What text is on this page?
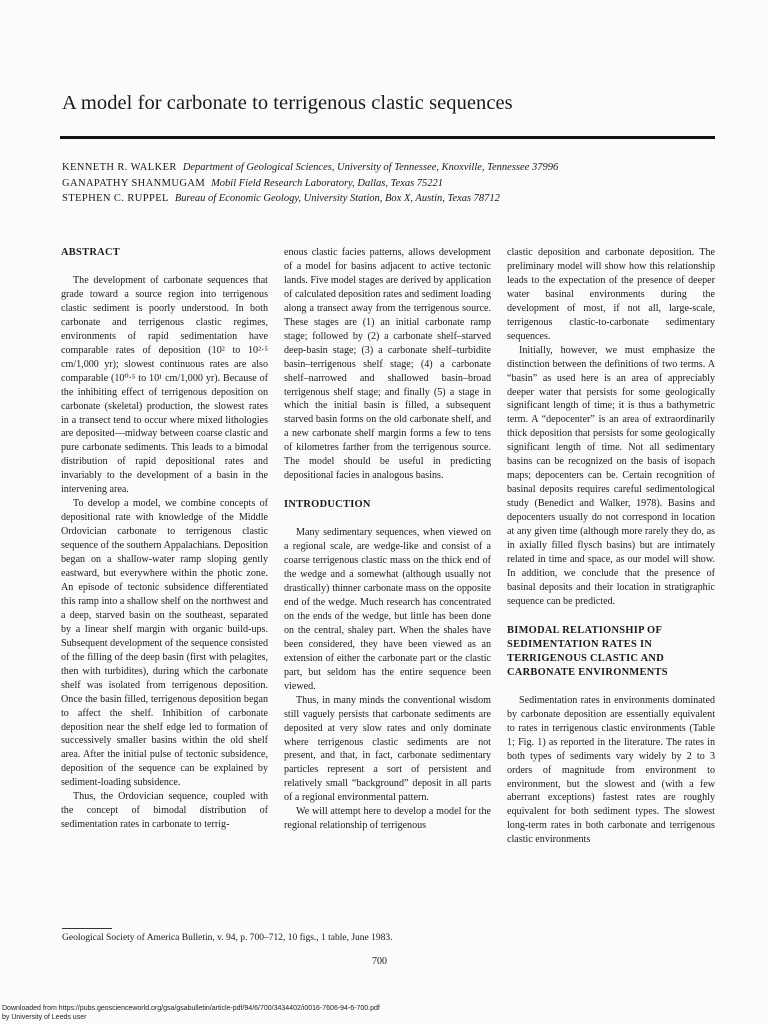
A model for carbonate to terrigenous clastic sequences
KENNETH R. WALKER Department of Geological Sciences, University of Tennessee, Knoxville, Tennessee 37996
GANAPATHY SHANMUGAM Mobil Field Research Laboratory, Dallas, Texas 75221
STEPHEN C. RUPPEL Bureau of Economic Geology, University Station, Box X, Austin, Texas 78712
ABSTRACT

The development of carbonate sequences that grade toward a source region into terrigenous clastic sediment is poorly understood. In both carbonate and terrigenous clastic regimes, environments of rapid sedimentation have comparable rates of deposition (10² to 10²·⁵ cm/1,000 yr); slowest continuous rates are also comparable (10⁰·⁵ to 10¹ cm/1,000 yr). Because of the inhibiting effect of terrigenous deposition on carbonate (skeletal) production, the slowest rates in a transect tend to occur where mixed lithologies are deposited—midway between coarse clastic and pure carbonate sediments. This leads to a bimodal distribution of rapid depositional rates and invariably to the development of a basin in the intervening area.

To develop a model, we combine concepts of depositional rate with knowledge of the Middle Ordovician carbonate to terrigenous clastic sequence of the southern Appalachians. Deposition began on a shallow-water ramp sloping gently eastward, but everywhere within the photic zone. An episode of tectonic subsidence differentiated this ramp into a shallow shelf on the northwest and a deep, starved basin on the southeast, separated by a linear shelf margin with organic build-ups. Subsequent development of the sequence consisted of the filling of the deep basin (first with pelagites, then with turbidites), during which the carbonate shelf was isolated from terrigenous deposition. Once the basin filled, terrigenous deposition began to affect the shelf. Inhibition of carbonate deposition near the shelf edge led to formation of successively smaller basins within the old shelf area. After the initial pulse of tectonic subsidence, deposition of the sequence can be explained by sediment-loading subsidence.

Thus, the Ordovician sequence, coupled with the concept of bimodal distribution of sedimentation rates in carbonate to terrig-

enous clastic facies patterns, allows development of a model for basins adjacent to active tectonic lands. Five model stages are derived by application of calculated deposition rates and sediment loading along a transect away from the terrigenous source. These stages are (1) an initial carbonate ramp stage; followed by (2) a carbonate shelf–starved deep-basin stage; (3) a carbonate shelf–turbidite basin–terrigenous shelf stage; (4) a carbonate shelf–narrowed and shallowed basin–broad terrigenous shelf stage; and finally (5) a stage in which the initial basin is filled, a subsequent starved basin forms on the old carbonate shelf, and a new carbonate shelf margin forms a few to tens of kilometres farther from the terrigenous source. The model should be useful in predicting depositional facies in analogous basins.

INTRODUCTION

Many sedimentary sequences, when viewed on a regional scale, are wedge-like and consist of a coarse terrigenous clastic mass on the thick end of the wedge and a somewhat (although usually not drastically) thinner carbonate mass on the opposite end of the wedge. Much research has concentrated on the ends of the wedge, but little has been done on the central, shaley part. When the shales have been considered, they have been viewed as an extension of either the carbonate part or the clastic part, but seldom has the entire sequence been viewed.

Thus, in many minds the conventional wisdom still vaguely persists that carbonate sediments are deposited at very slow rates and only dominate where terrigenous clastic sediments are not present, and that, in fact, carbonate sedimentary particles represent a sort of persistent and relatively small “background” deposit in all parts of a regional environmental pattern.

We will attempt here to develop a model for the regional relationship of terrigenous

clastic deposition and carbonate deposition. The preliminary model will show how this relationship leads to the expectation of the presence of deeper water basinal environments during the development of most, if not all, large-scale, terrigenous clastic-to-carbonate sedimentary sequences.

Initially, however, we must emphasize the distinction between the definitions of two terms. A “basin” as used here is an area of appreciably deeper water that persists for some geologically significant length of time; it is thus a bathymetric term. A “depocenter” is an area of extraordinarily thick deposition that persists for some geologically significant length of time. Not all sedimentary basins can be recognized on the basis of isopach maps; depocenters can be. Certain recognition of basinal deposits requires careful sedimentological study (Benedict and Walker, 1978). Basins and depocenters usually do not correspond in location at any given time (although more rarely they do, as in axially filled flysch basins) but are intimately related in time and space, as our model will show. In addition, we conclude that the presence of basinal deposits and their location in stratigraphic sequence can be predicted.

BIMODAL RELATIONSHIP OF
SEDIMENTATION RATES IN
TERRIGENOUS CLASTIC AND
CARBONATE ENVIRONMENTS

Sedimentation rates in environments dominated by carbonate deposition are essentially equivalent to rates in terrigenous clastic environments (Table 1; Fig. 1) as reported in the literature. The rates in both types of sediments vary widely by 2 to 3 orders of magnitude from environment to environment, but the slowest and (with a few aberrant exceptions) fastest rates are roughly equivalent for both sediment types. The slowest long-term rates in both carbonate and terrigenous clastic environments

Geological Society of America Bulletin, v. 94, p. 700–712, 10 figs., 1 table, June 1983.
700
Downloaded from https://pubs.geoscienceworld.org/gsa/gsabulletin/article-pdf/94/6/700/3434402/i0016-7606-94-6-700.pdf
by University of Leeds user
